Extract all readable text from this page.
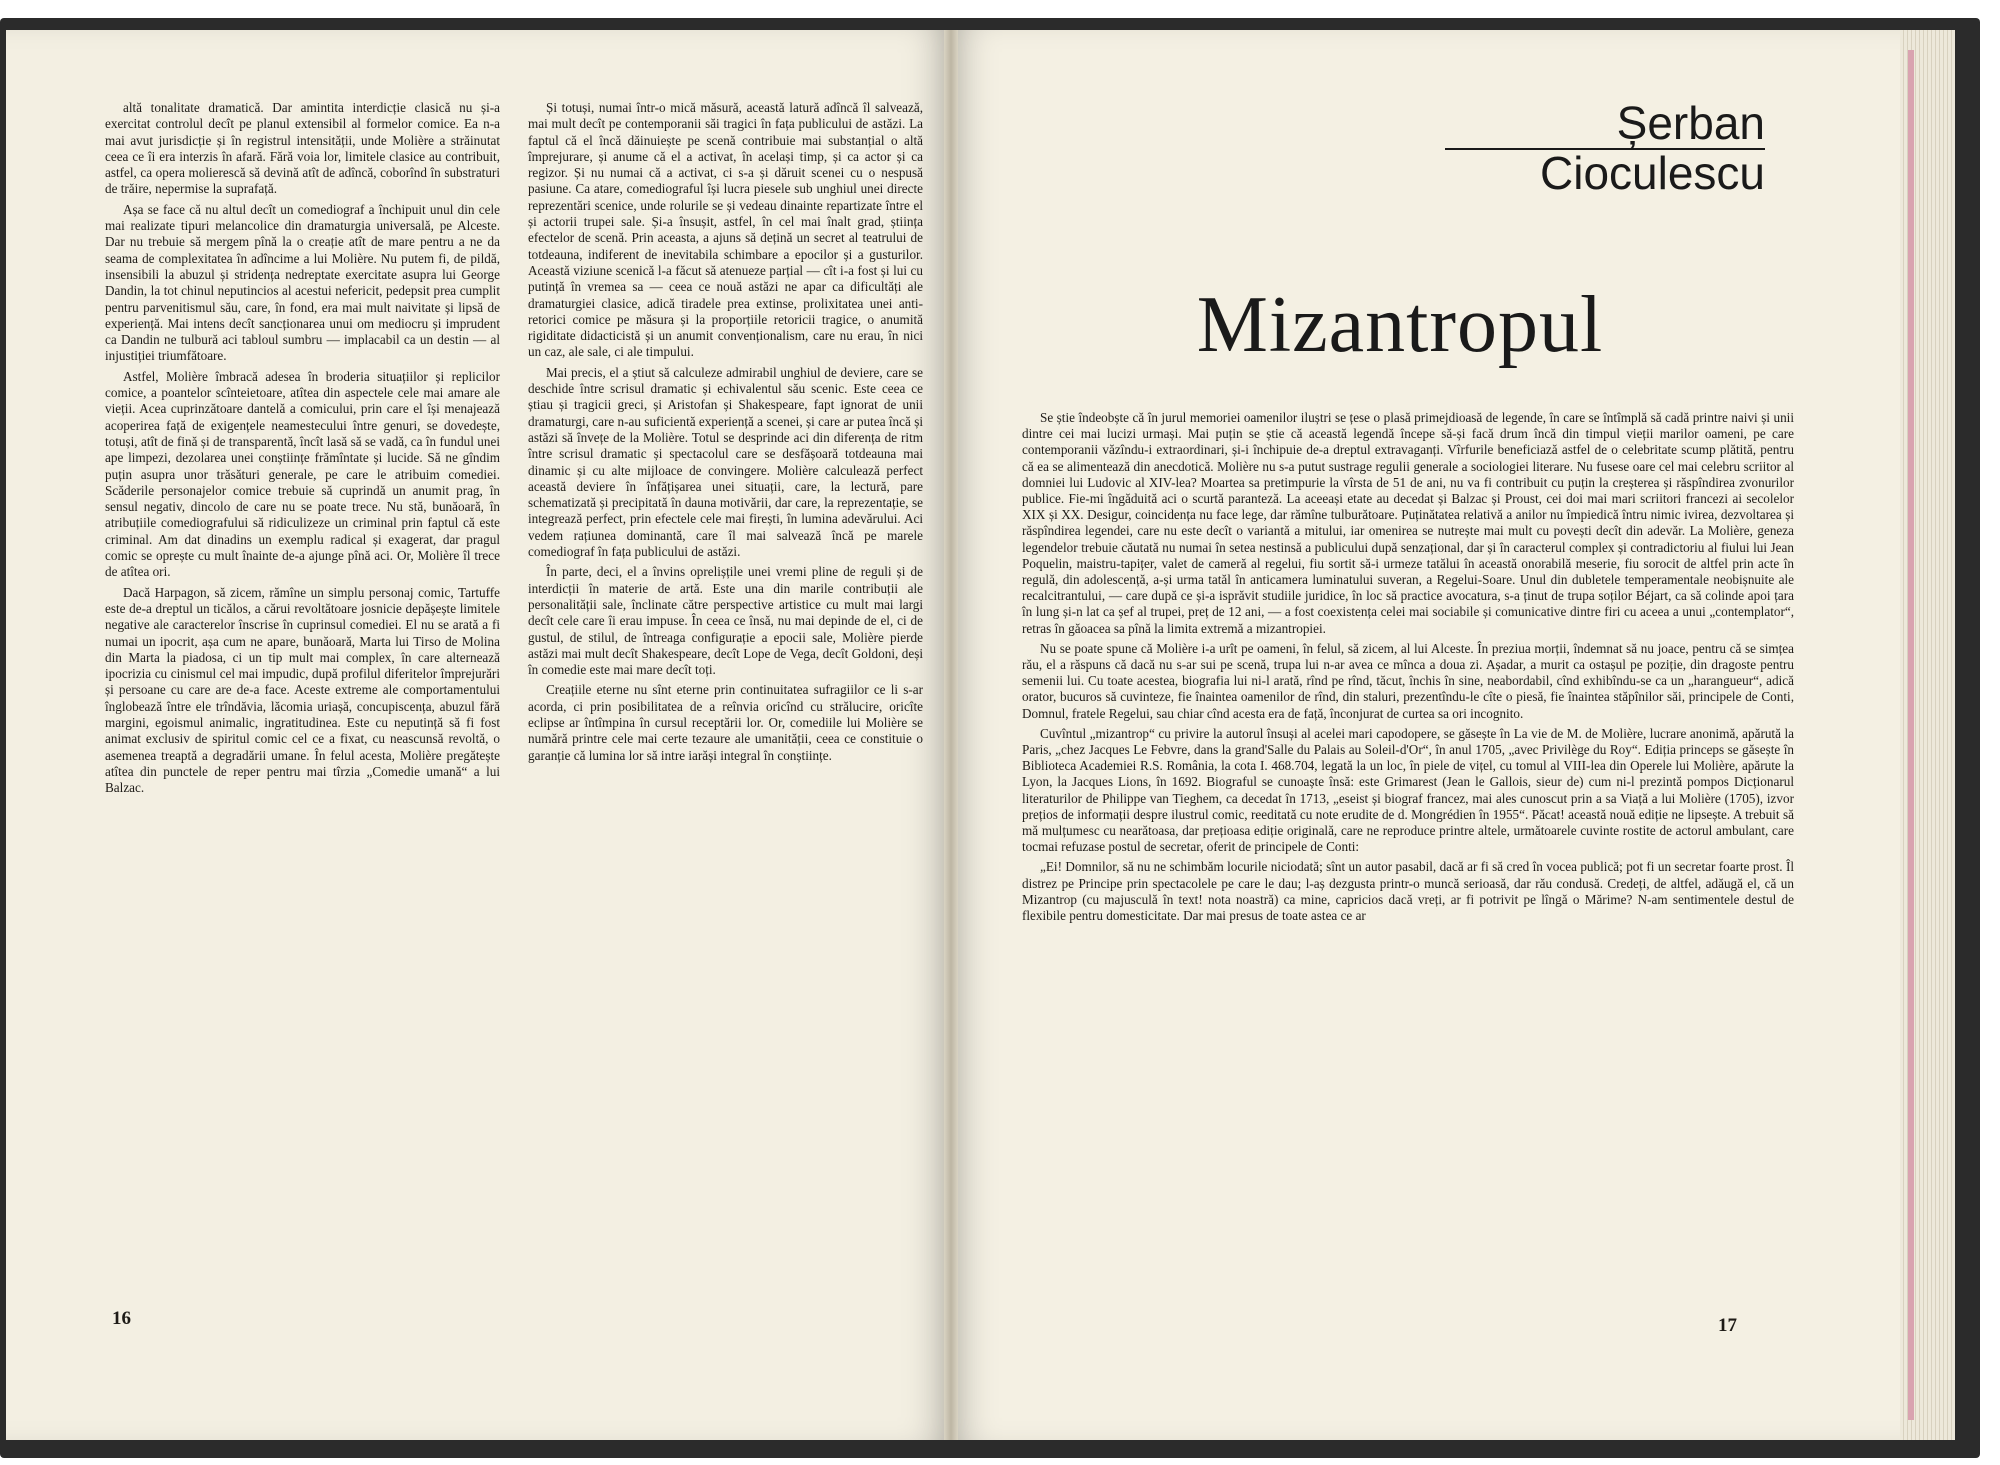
altă tonalitate dramatică. Dar amintita interdicție clasică nu și-a exercitat controlul decît pe planul extensibil al formelor comice. Ea n-a mai avut jurisdicție și în registrul intensității, unde Molière a străinutat ceea ce îi era interzis în afară. Fără voia lor, limitele clasice au contribuit, astfel, ca opera molierescă să devină atît de adîncă, coborînd în substraturi de trăire, nepermise la suprafață.

Așa se face că nu altul decît un comediograf a închipuit unul din cele mai realizate tipuri melancolice din dramaturgia universală, pe Alceste. Dar nu trebuie să mergem pînă la o creație atît de mare pentru a ne da seama de complexitatea în adîncime a lui Molière. Nu putem fi, de pildă, insensibili la abuzul și stridența nedreptate exercitate asupra lui George Dandin, la tot chinul neputincios al acestui nefericit, pedepsit prea cumplit pentru parvenitismul său, care, în fond, era mai mult naivitate și lipsă de experiență. Mai intens decît sancționarea unui om mediocru și imprudent ca Dandin ne tulbură aci tabloul sumbru — implacabil ca un destin — al injustiției triumfătoare.

Astfel, Molière îmbracă adesea în broderia situațiilor și replicilor comice, a poantelor scînteietoare, atîtea din aspectele cele mai amare ale vieții. Acea cuprinzătoare dantelă a comicului, prin care el își menajează acoperirea față de exigențele neamestecului între genuri, se dovedește, totuși, atît de fină și de transparentă, încît lasă să se vadă, ca în fundul unei ape limpezi, dezolarea unei conștiințe frămîntate și lucide. Să ne gîndim puțin asupra unor trăsături generale, pe care le atribuim comediei. Scăderile personajelor comice trebuie să cuprindă un anumit prag, în sensul negativ, dincolo de care nu se poate trece. Nu stă, bunăoară, în atribuțiile comediografului să ridiculizeze un criminal prin faptul că este criminal. Am dat dinadins un exemplu radical și exagerat, dar pragul comic se oprește cu mult înainte de-a ajunge pînă aci. Or, Molière îl trece de atîtea ori.

Dacă Harpagon, să zicem, rămîne un simplu personaj comic, Tartuffe este de-a dreptul un ticălos, a cărui revoltătoare josnicie depășește limitele negative ale caracterelor înscrise în cuprinsul comediei. El nu se arată a fi numai un ipocrit, așa cum ne apare, bunăoară, Marta lui Tirso de Molina din Marta la piadosa, ci un tip mult mai complex, în care alternează ipocrizia cu cinismul cel mai impudic, după profilul diferitelor împrejurări și persoane cu care are de-a face. Aceste extreme ale comportamentului înglobează între ele trîndăvia, lăcomia uriașă, concupiscența, abuzul fără margini, egoismul animalic, ingratitudinea. Este cu neputință să fi fost animat exclusiv de spiritul comic cel ce a fixat, cu neascunsă revoltă, o asemenea treaptă a degradării umane. În felul acesta, Molière pregătește atîtea din punctele de reper pentru mai tîrzia „Comedie umană“ a lui Balzac.

Și totuși, numai într-o mică măsură, această latură adîncă îl salvează, mai mult decît pe contemporanii săi tragici în fața publicului de astăzi. La faptul că el încă dăinuiește pe scenă contribuie mai substanțial o altă împrejurare, și anume că el a activat, în același timp, și ca actor și ca regizor. Și nu numai că a activat, ci s-a și dăruit scenei cu o nespusă pasiune. Ca atare, comediograful își lucra piesele sub unghiul unei directe reprezentări scenice, unde rolurile se și vedeau dinainte repartizate între el și actorii trupei sale. Și-a însușit, astfel, în cel mai înalt grad, știința efectelor de scenă. Prin aceasta, a ajuns să dețină un secret al teatrului de totdeauna, indiferent de inevitabila schimbare a epocilor și a gusturilor. Această viziune scenică l-a făcut să atenueze parțial — cît i-a fost și lui cu putință în vremea sa — ceea ce nouă astăzi ne apar ca dificultăți ale dramaturgiei clasice, adică tiradele prea extinse, prolixitatea unei anti-retorici comice pe măsura și la proporțiile retoricii tragice, o anumită rigiditate didacticistă și un anumit convenționalism, care nu erau, în nici un caz, ale sale, ci ale timpului.

Mai precis, el a știut să calculeze admirabil unghiul de deviere, care se deschide între scrisul dramatic și echivalentul său scenic. Este ceea ce știau și tragicii greci, și Aristofan și Shakespeare, fapt ignorat de unii dramaturgi, care n-au suficientă experiență a scenei, și care ar putea încă și astăzi să învețe de la Molière. Totul se desprinde aci din diferența de ritm între scrisul dramatic și spectacolul care se desfășoară totdeauna mai dinamic și cu alte mijloace de convingere. Molière calculează perfect această deviere în înfățișarea unei situații, care, la lectură, pare schematizată și precipitată în dauna motivării, dar care, la reprezentație, se integrează perfect, prin efectele cele mai firești, în lumina adevărului. Aci vedem rațiunea dominantă, care îl mai salvează încă pe marele comediograf în fața publicului de astăzi.

În parte, deci, el a învins oprelișțile unei vremi pline de reguli și de interdicții în materie de artă. Este una din marile contribuții ale personalității sale, înclinate către perspective artistice cu mult mai largi decît cele care îi erau impuse. În ceea ce însă, nu mai depinde de el, ci de gustul, de stilul, de întreaga configurație a epocii sale, Molière pierde astăzi mai mult decît Shakespeare, decît Lope de Vega, decît Goldoni, deși în comedie este mai mare decît toți.

Creațiile eterne nu sînt eterne prin continuitatea sufragiilor ce li s-ar acorda, ci prin posibilitatea de a reînvia oricînd cu strălucire, oricîte eclipse ar întîmpina în cursul receptării lor. Or, comediile lui Molière se numără printre cele mai certe tezaure ale umanității, ceea ce constituie o garanție că lumina lor să intre iarăși integral în conștiințe.

16
Șerban
Cioculescu
Mizantropul

Se știe îndeobște că în jurul memoriei oamenilor iluștri se țese o plasă primejdioasă de legende, în care se întîmplă să cadă printre naivi și unii dintre cei mai lucizi urmași. Mai puțin se știe că această legendă începe să-și facă drum încă din timpul vieții marilor oameni, pe care contemporanii văzîndu-i extraordinari, și-i închipuie de-a dreptul extravaganți. Vîrfurile beneficiază astfel de o celebritate scump plătită, pentru că ea se alimentează din anecdotică. Molière nu s-a putut sustrage regulii generale a sociologiei literare. Nu fusese oare cel mai celebru scriitor al domniei lui Ludovic al XIV-lea? Moartea sa pretimpurie la vîrsta de 51 de ani, nu va fi contribuit cu puțin la creșterea și răspîndirea zvonurilor publice. Fie-mi îngăduită aci o scurtă paranteză. La aceeași etate au decedat și Balzac și Proust, cei doi mai mari scriitori francezi ai secolelor XIX și XX. Desigur, coincidența nu face lege, dar rămîne tulburătoare. Puținătatea relativă a anilor nu împiedică întru nimic ivirea, dezvoltarea și răspîndirea legendei, care nu este decît o variantă a mitului, iar omenirea se nutrește mai mult cu povești decît din adevăr. La Molière, geneza legendelor trebuie căutată nu numai în setea nestinsă a publicului după senzațional, dar și în caracterul complex și contradictoriu al fiului lui Jean Poquelin, maistru-tapițer, valet de cameră al regelui, fiu sortit să-i urmeze tatălui în această onorabilă meserie, fiu sorocit de altfel prin acte în regulă, din adolescență, a-și urma tatăl în anticamera luminatului suveran, a Regelui-Soare. Unul din dubletele temperamentale neobișnuite ale recalcitrantului, — care după ce și-a isprăvit studiile juridice, în loc să practice avocatura, s-a ținut de trupa soților Béjart, ca să colinde apoi țara în lung și-n lat ca șef al trupei, preț de 12 ani, — a fost coexistența celei mai sociabile și comunicative dintre firi cu aceea a unui „contemplator“, retras în găoacea sa pînă la limita extremă a mizantropiei.

Nu se poate spune că Molière i-a urît pe oameni, în felul, să zicem, al lui Alceste. În preziua morții, îndemnat să nu joace, pentru că se simțea rău, el a răspuns că dacă nu s-ar sui pe scenă, trupa lui n-ar avea ce mînca a doua zi. Așadar, a murit ca ostașul pe poziție, din dragoste pentru semenii lui. Cu toate acestea, biografia lui ni-l arată, rînd pe rînd, tăcut, închis în sine, neabordabil, cînd exhibîndu-se ca un „harangueur“, adică orator, bucuros să cuvinteze, fie înaintea oamenilor de rînd, din staluri, prezentîndu-le cîte o piesă, fie înaintea stăpînilor săi, principele de Conti, Domnul, fratele Regelui, sau chiar cînd acesta era de față, înconjurat de curtea sa ori incognito.

Cuvîntul „mizantrop“ cu privire la autorul însuși al acelei mari capodopere, se găsește în La vie de M. de Molière, lucrare anonimă, apărută la Paris, „chez Jacques Le Febvre, dans la grand'Salle du Palais au Soleil-d'Or“, în anul 1705, „avec Privilège du Roy“. Ediția princeps se găsește în Biblioteca Academiei R.S. România, la cota I. 468.704, legată la un loc, în piele de vițel, cu tomul al VIII-lea din Operele lui Molière, apărute la Lyon, la Jacques Lions, în 1692. Biograful se cunoaște însă: este Grimarest (Jean le Gallois, sieur de) cum ni-l prezintă pompos Dicționarul literaturilor de Philippe van Tieghem, ca decedat în 1713, „eseist și biograf francez, mai ales cunoscut prin a sa Viață a lui Molière (1705), izvor prețios de informații despre ilustrul comic, reeditată cu note erudite de d. Mongrédien în 1955“. Păcat! această nouă ediție ne lipsește. A trebuit să mă mulțumesc cu nearătoasa, dar prețioasa ediție originală, care ne reproduce printre altele, următoarele cuvinte rostite de actorul ambulant, care tocmai refuzase postul de secretar, oferit de principele de Conti:

„Ei! Domnilor, să nu ne schimbăm locurile niciodată; sînt un autor pasabil, dacă ar fi să cred în vocea publică; pot fi un secretar foarte prost. Îl distrez pe Principe prin spectacolele pe care le dau; l-aș dezgusta printr-o muncă serioasă, dar rău condusă. Credeți, de altfel, adăugă el, că un Mizantrop (cu majusculă în text! nota noastră) ca mine, capricios dacă vreți, ar fi potrivit pe lîngă o Mărime? N-am sentimentele destul de flexibile pentru domesticitate. Dar mai presus de toate astea ce ar

17
